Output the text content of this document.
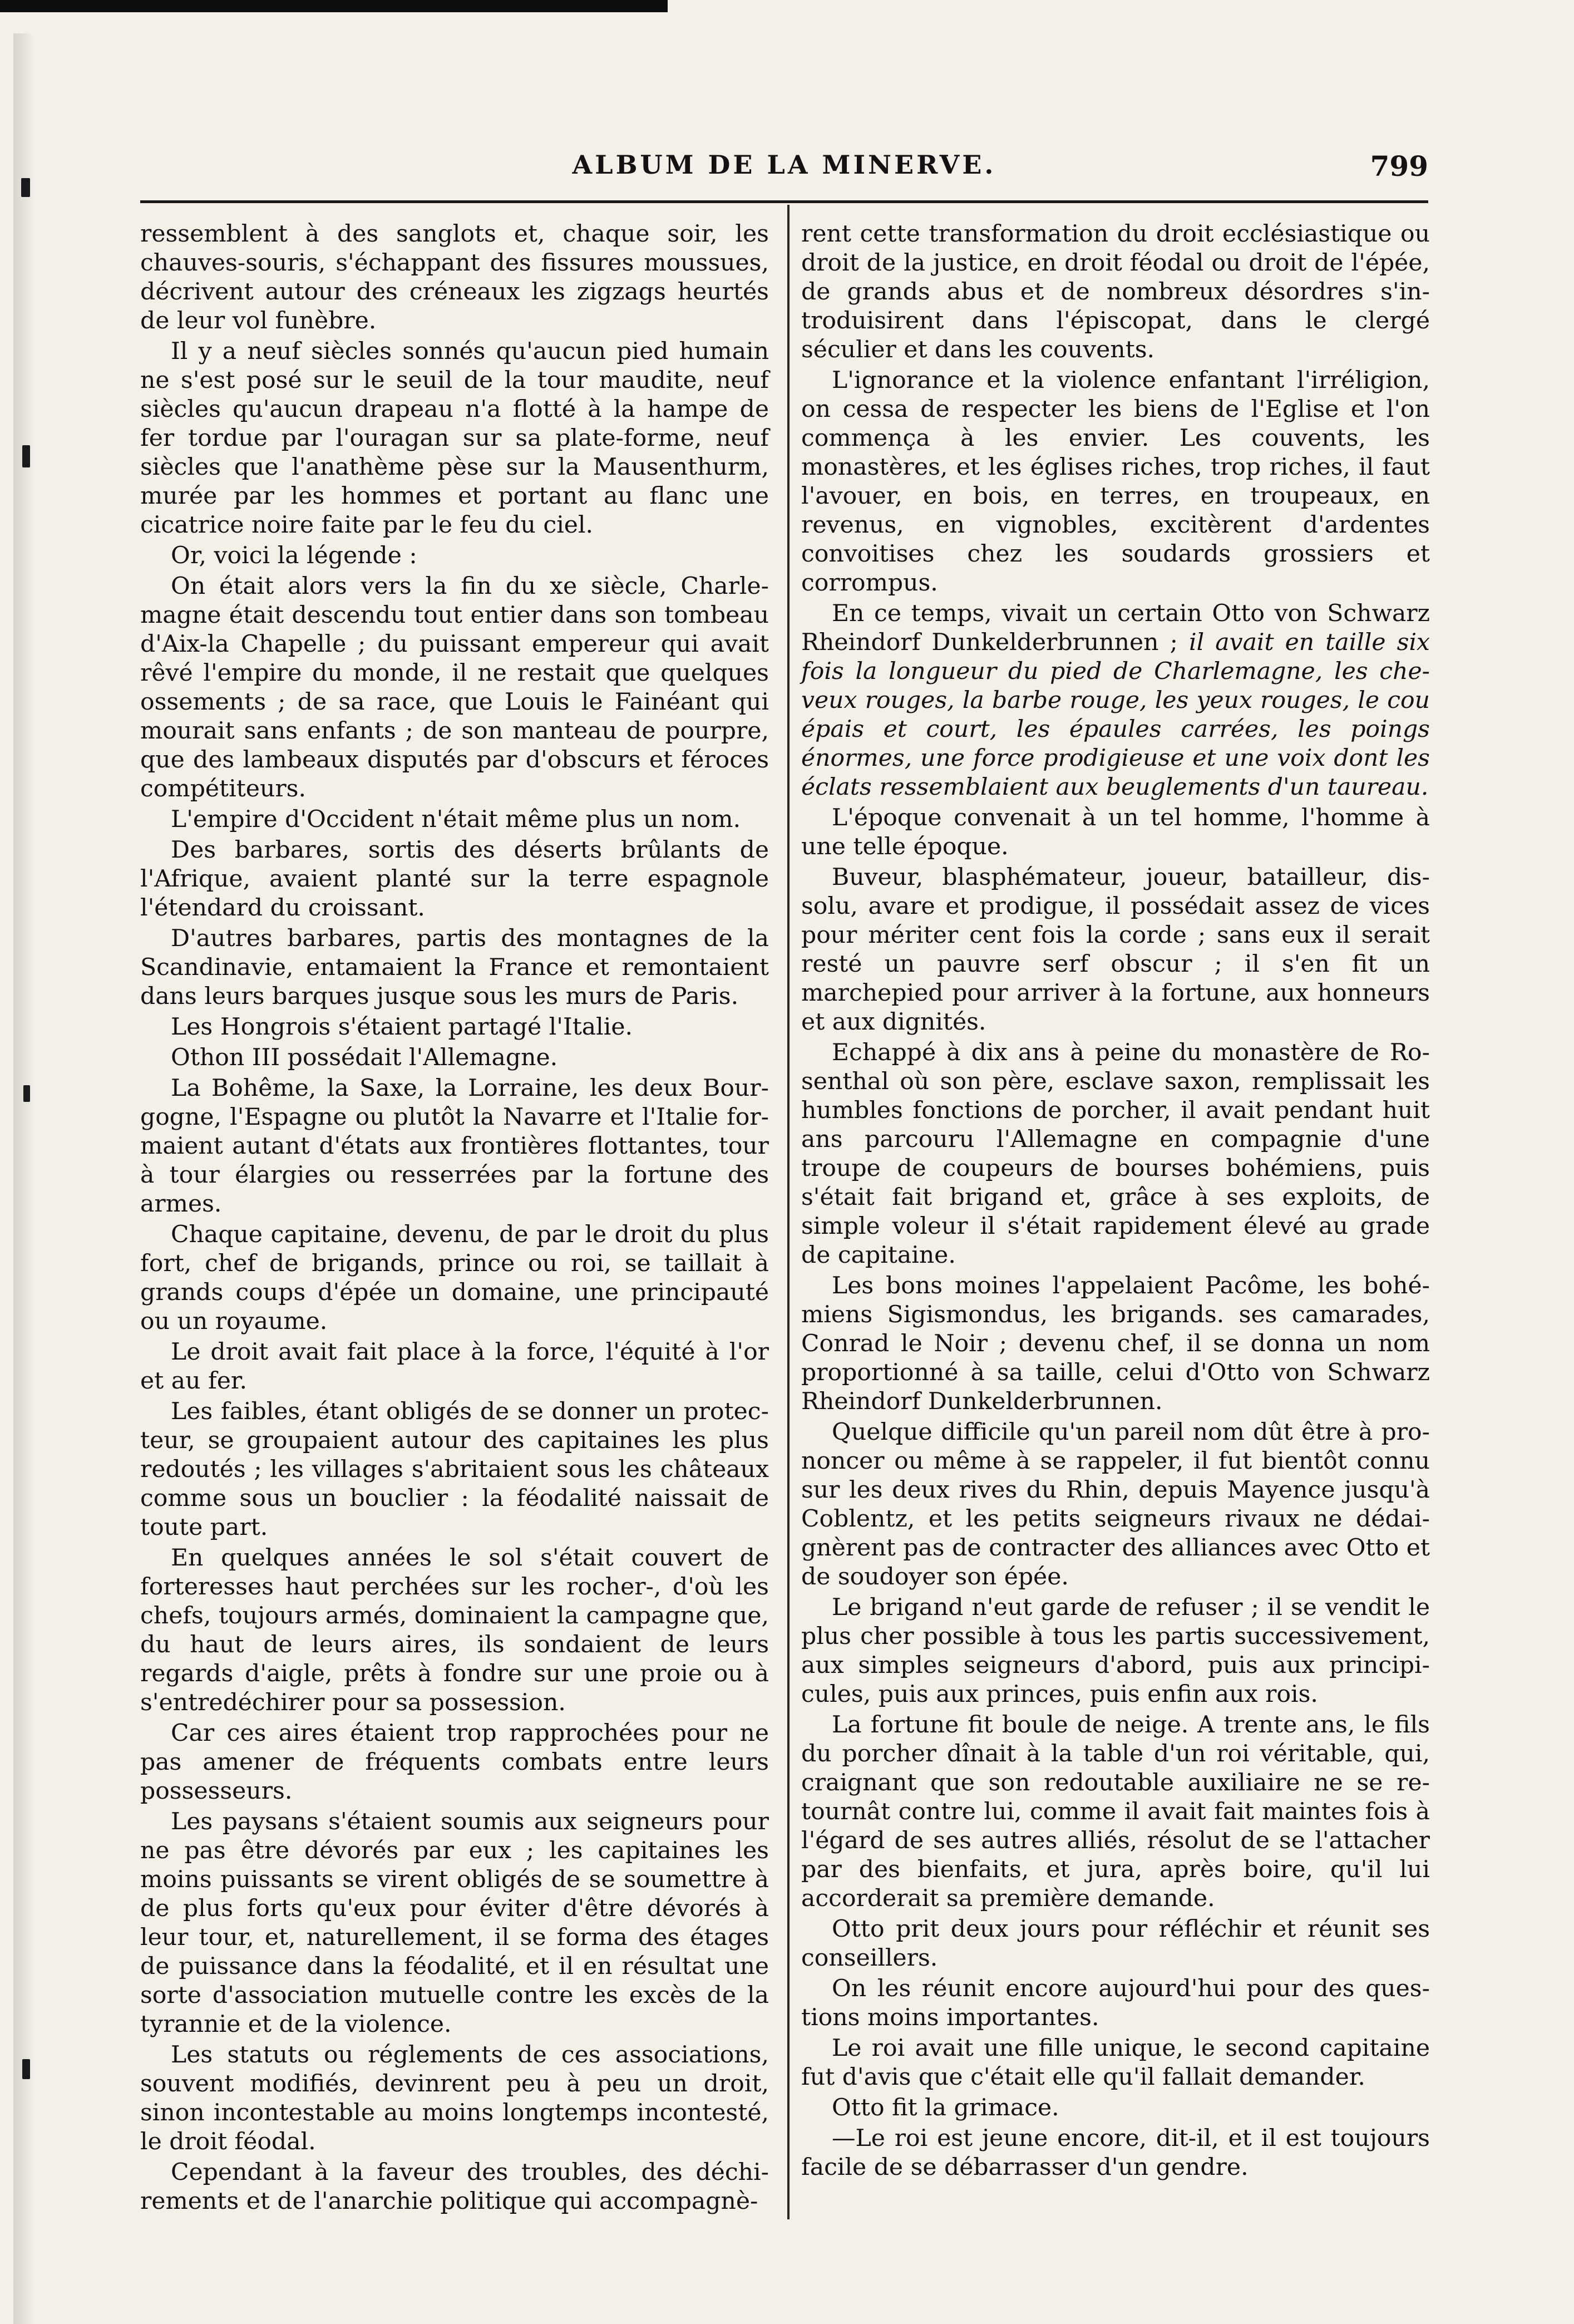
ALBUM DE LA MINERVE.	799

ressemblent à des sanglots et, chaque soir, les chauves-souris, s'échappant des fissures moussues, décrivent autour des créneaux les zigzags heurtés de leur vol funèbre.

Il y a neuf siècles sonnés qu'aucun pied humain ne s'est posé sur le seuil de la tour maudite, neuf siècles qu'aucun drapeau n'a flotté à la hampe de fer tordue par l'ouragan sur sa plate-forme, neuf siècles que l'anathème pèse sur la Mausenthurm, murée par les hommes et portant au flanc une cicatrice noire faite par le feu du ciel.

Or, voici la légende :

On était alors vers la fin du xe siècle, Charlemagne était descendu tout entier dans son tombeau d'Aix-la Chapelle ; du puissant empereur qui avait rêvé l'empire du monde, il ne restait que quelques ossements ; de sa race, que Louis le Fainéant qui mourait sans enfants ; de son manteau de pourpre, que des lambeaux disputés par d'obscurs et féroces compétiteurs.

L'empire d'Occident n'était même plus un nom.

Des barbares, sortis des déserts brûlants de l'Afrique, avaient planté sur la terre espagnole l'étendard du croissant.

D'autres barbares, partis des montagnes de la Scandinavie, entamaient la France et remontaient dans leurs barques jusque sous les murs de Paris.

Les Hongrois s'étaient partagé l'Italie.

Othon III possédait l'Allemagne.

La Bohême, la Saxe, la Lorraine, les deux Bourgogne, l'Espagne ou plutôt la Navarre et l'Italie formaient autant d'états aux frontières flottantes, tour à tour élargies ou resserrées par la fortune des armes.

Chaque capitaine, devenu, de par le droit du plus fort, chef de brigands, prince ou roi, se taillait à grands coups d'épée un domaine, une principauté ou un royaume.

Le droit avait fait place à la force, l'équité à l'or et au fer.

Les faibles, étant obligés de se donner un protecteur, se groupaient autour des capitaines les plus redoutés ; les villages s'abritaient sous les châteaux comme sous un bouclier : la féodalité naissait de toute part.

En quelques années le sol s'était couvert de forteresses haut perchées sur les rocher-, d'où les chefs, toujours armés, dominaient la campagne que, du haut de leurs aires, ils sondaient de leurs regards d'aigle, prêts à fondre sur une proie ou à s'entredéchirer pour sa possession.

Car ces aires étaient trop rapprochées pour ne pas amener de fréquents combats entre leurs possesseurs.

Les paysans s'étaient soumis aux seigneurs pour ne pas être dévorés par eux ; les capitaines les moins puissants se virent obligés de se soumettre à de plus forts qu'eux pour éviter d'être dévorés à leur tour, et, naturellement, il se forma des étages de puissance dans la féodalité, et il en résultat une sorte d'association mutuelle contre les excès de la tyrannie et de la violence.

Les statuts ou réglements de ces associations, souvent modifiés, devinrent peu à peu un droit, sinon incontestable au moins longtemps incontesté, le droit féodal.

Cependant à la faveur des troubles, des déchirements et de l'anarchie politique qui accompagnè-

rent cette transformation du droit ecclésiastique ou droit de la justice, en droit féodal ou droit de l'épée, de grands abus et de nombreux désordres s'introduisirent dans l'épiscopat, dans le clergé séculier et dans les couvents.

L'ignorance et la violence enfantant l'irréligion, on cessa de respecter les biens de l'Eglise et l'on commença à les envier. Les couvents, les monastères, et les églises riches, trop riches, il faut l'avouer, en bois, en terres, en troupeaux, en revenus, en vignobles, excitèrent d'ardentes convoitises chez les soudards grossiers et corrompus.

En ce temps, vivait un certain Otto von Schwarz Rheindorf Dunkelderbrunnen ; il avait en taille six fois la longueur du pied de Charlemagne, les cheveux rouges, la barbe rouge, les yeux rouges, le cou épais et court, les épaules carrées, les poings énormes, une force prodigieuse et une voix dont les éclats ressemblaient aux beuglements d'un taureau.

L'époque convenait à un tel homme, l'homme à une telle époque.

Buveur, blasphémateur, joueur, batailleur, dissolu, avare et prodigue, il possédait assez de vices pour mériter cent fois la corde ; sans eux il serait resté un pauvre serf obscur ; il s'en fit un marchepied pour arriver à la fortune, aux honneurs et aux dignités.

Echappé à dix ans à peine du monastère de Rosenthal où son père, esclave saxon, remplissait les humbles fonctions de porcher, il avait pendant huit ans parcouru l'Allemagne en compagnie d'une troupe de coupeurs de bourses bohémiens, puis s'était fait brigand et, grâce à ses exploits, de simple voleur il s'était rapidement élevé au grade de capitaine.

Les bons moines l'appelaient Pacôme, les bohémiens Sigismondus, les brigands. ses camarades, Conrad le Noir ; devenu chef, il se donna un nom proportionné à sa taille, celui d'Otto von Schwarz Rheindorf Dunkelderbrunnen.

Quelque difficile qu'un pareil nom dût être à prononcer ou même à se rappeler, il fut bientôt connu sur les deux rives du Rhin, depuis Mayence jusqu'à Coblentz, et les petits seigneurs rivaux ne dédaignèrent pas de contracter des alliances avec Otto et de soudoyer son épée.

Le brigand n'eut garde de refuser ; il se vendit le plus cher possible à tous les partis successivement, aux simples seigneurs d'abord, puis aux principicules, puis aux princes, puis enfin aux rois.

La fortune fit boule de neige. A trente ans, le fils du porcher dînait à la table d'un roi véritable, qui, craignant que son redoutable auxiliaire ne se retournât contre lui, comme il avait fait maintes fois à l'égard de ses autres alliés, résolut de se l'attacher par des bienfaits, et jura, après boire, qu'il lui accorderait sa première demande.

Otto prit deux jours pour réfléchir et réunit ses conseillers.

On les réunit encore aujourd'hui pour des questions moins importantes.

Le roi avait une fille unique, le second capitaine fut d'avis que c'était elle qu'il fallait demander.

Otto fit la grimace.

—Le roi est jeune encore, dit-il, et il est toujours facile de se débarrasser d'un gendre.
